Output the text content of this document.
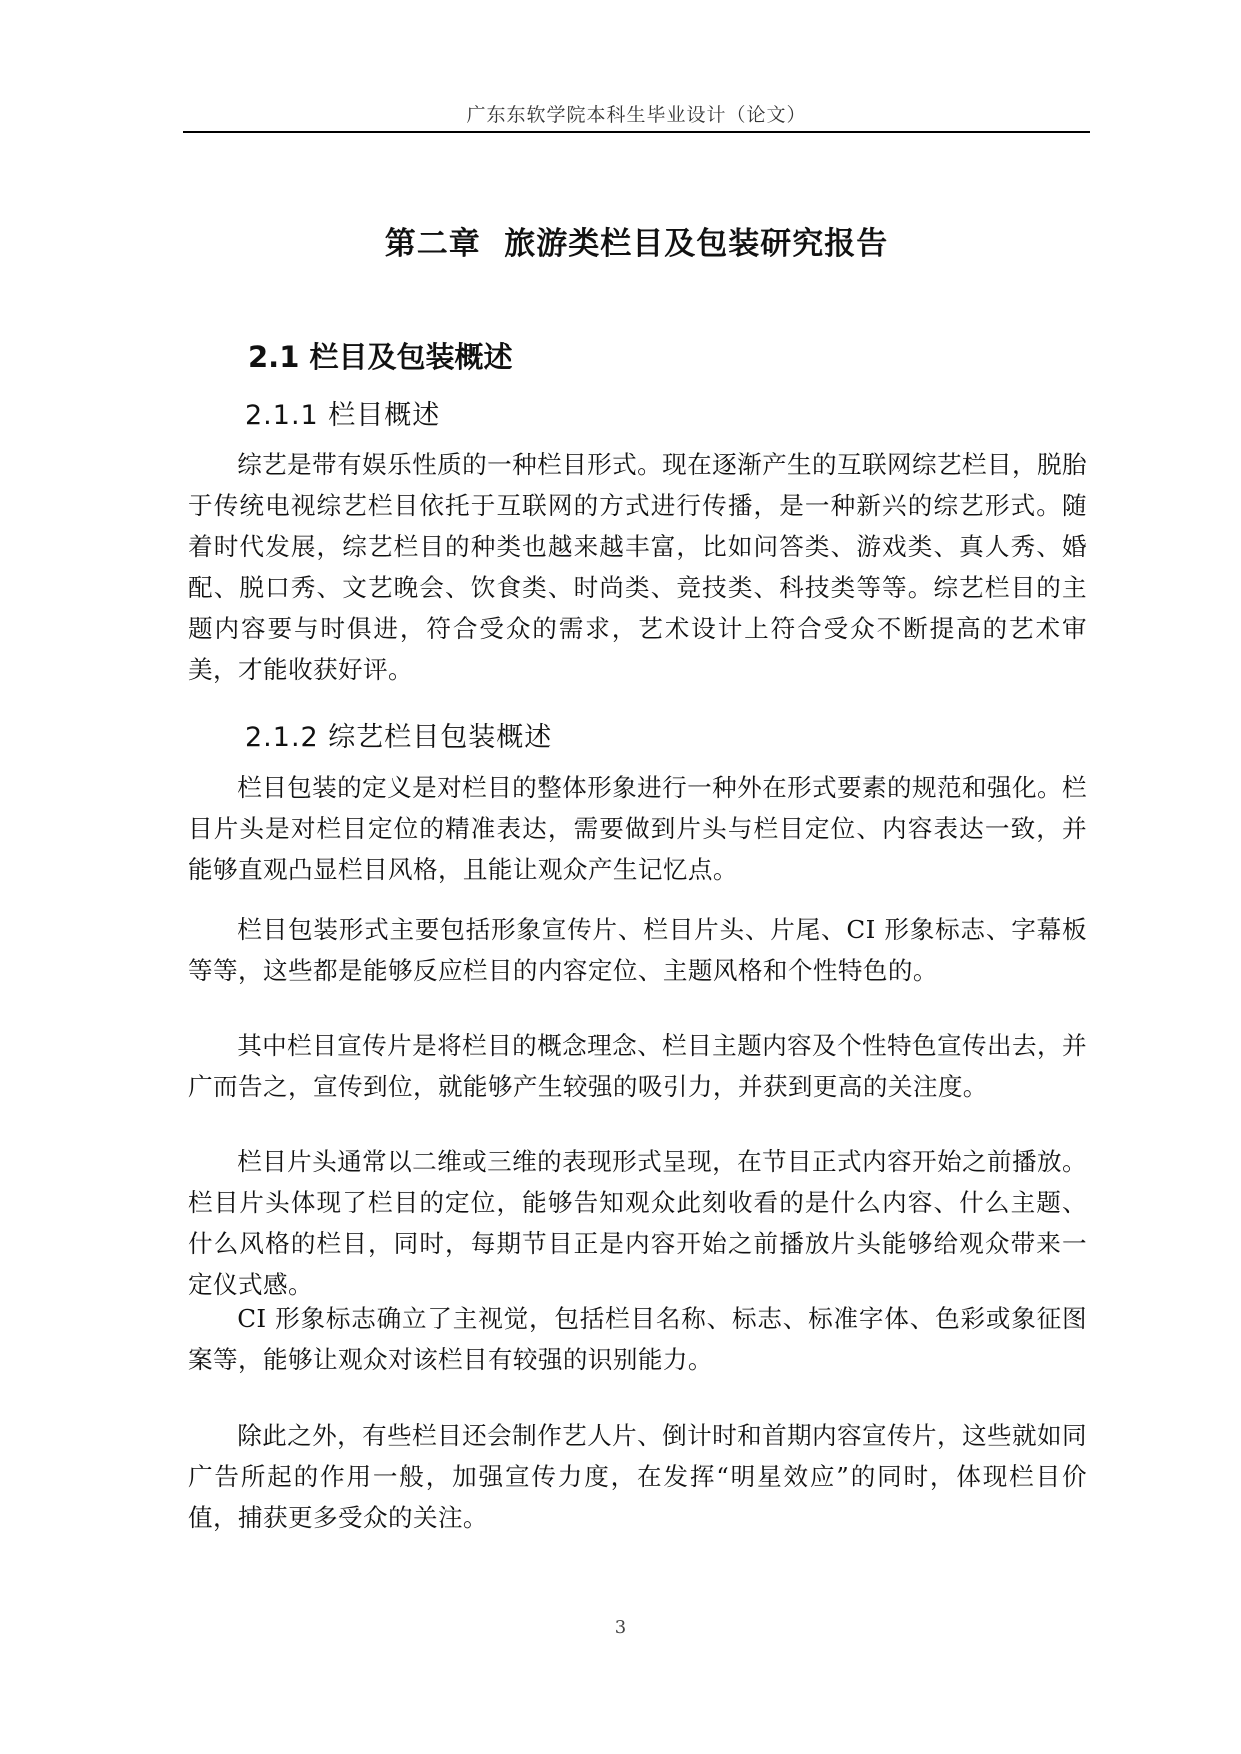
广东东软学院本科生毕业设计（论文）
第二章  旅游类栏目及包装研究报告
2.1 栏目及包装概述
2.1.1 栏目概述

综艺是带有娱乐性质的一种栏目形式。现在逐渐产生的互联网综艺栏目，脱胎于传统电视综艺栏目依托于互联网的方式进行传播，是一种新兴的综艺形式。随着时代发展，综艺栏目的种类也越来越丰富，比如问答类、游戏类、真人秀、婚配、脱口秀、文艺晚会、饮食类、时尚类、竞技类、科技类等等。综艺栏目的主题内容要与时俱进，符合受众的需求，艺术设计上符合受众不断提高的艺术审美，才能收获好评。

2.1.2 综艺栏目包装概述

栏目包装的定义是对栏目的整体形象进行一种外在形式要素的规范和强化。栏目片头是对栏目定位的精准表达，需要做到片头与栏目定位、内容表达一致，并能够直观凸显栏目风格，且能让观众产生记忆点。

栏目包装形式主要包括形象宣传片、栏目片头、片尾、CI 形象标志、字幕板等等，这些都是能够反应栏目的内容定位、主题风格和个性特色的。

其中栏目宣传片是将栏目的概念理念、栏目主题内容及个性特色宣传出去，并广而告之，宣传到位，就能够产生较强的吸引力，并获到更高的关注度。

栏目片头通常以二维或三维的表现形式呈现，在节目正式内容开始之前播放。栏目片头体现了栏目的定位，能够告知观众此刻收看的是什么内容、什么主题、什么风格的栏目，同时，每期节目正是内容开始之前播放片头能够给观众带来一定仪式感。

CI 形象标志确立了主视觉，包括栏目名称、标志、标准字体、色彩或象征图案等，能够让观众对该栏目有较强的识别能力。

除此之外，有些栏目还会制作艺人片、倒计时和首期内容宣传片，这些就如同广告所起的作用一般，加强宣传力度，在发挥“明星效应”的同时，体现栏目价值，捕获更多受众的关注。

3
